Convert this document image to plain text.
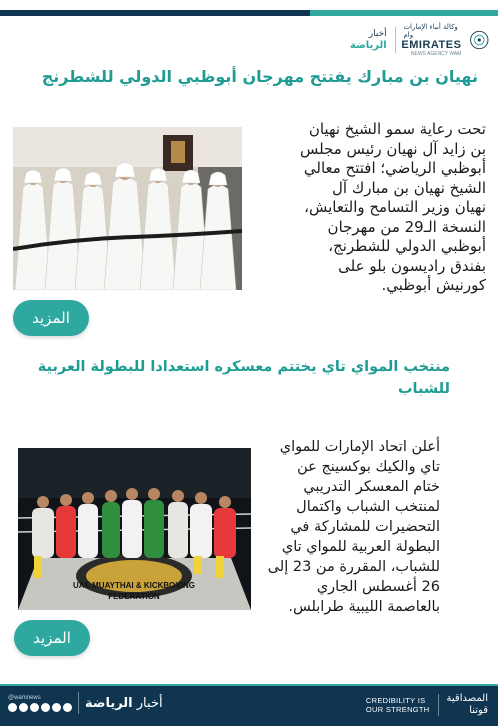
وكالة أنباء الإمارات وام
EMIRATES
NEWS AGENCY WAM
أخبار
الرياضة
نهيان بن مبارك يفتتح مهرجان أبوظبي الدولي للشطرنج
تحت رعاية سمو الشيخ نهيان
بن زايد آل نهيان رئيس مجلس
أبوظبي الرياضي؛ افتتح معالي
الشيخ نهيان بن مبارك آل
نهيان وزير التسامح والتعايش،
النسخة الـ29 من مهرجان
أبوظبي الدولي للشطرنج،
بفندق راديسون بلو على
كورنيش أبوظبي.
المزيد
منتخب المواي تاي يختتم معسكره استعدادا للبطولة العربية
للشباب
UAE MUAYTHAI & KICKBOXING
FEDERATION
أعلن اتحاد الإمارات للمواي
تاي والكيك بوكسينج عن
ختام المعسكر التدريبي
لمنتخب الشباب واكتمال
التحضيرات للمشاركة في
البطولة العربية للمواي تاي
للشباب، المقررة من 23 إلى
26 أغسطس الجاري
بالعاصمة الليبية طرابلس.
المزيد
@wamnews	أخبار الرياضة	CREDIBILITY IS
OUR STRENGTH
المصداقية
قوتنا
